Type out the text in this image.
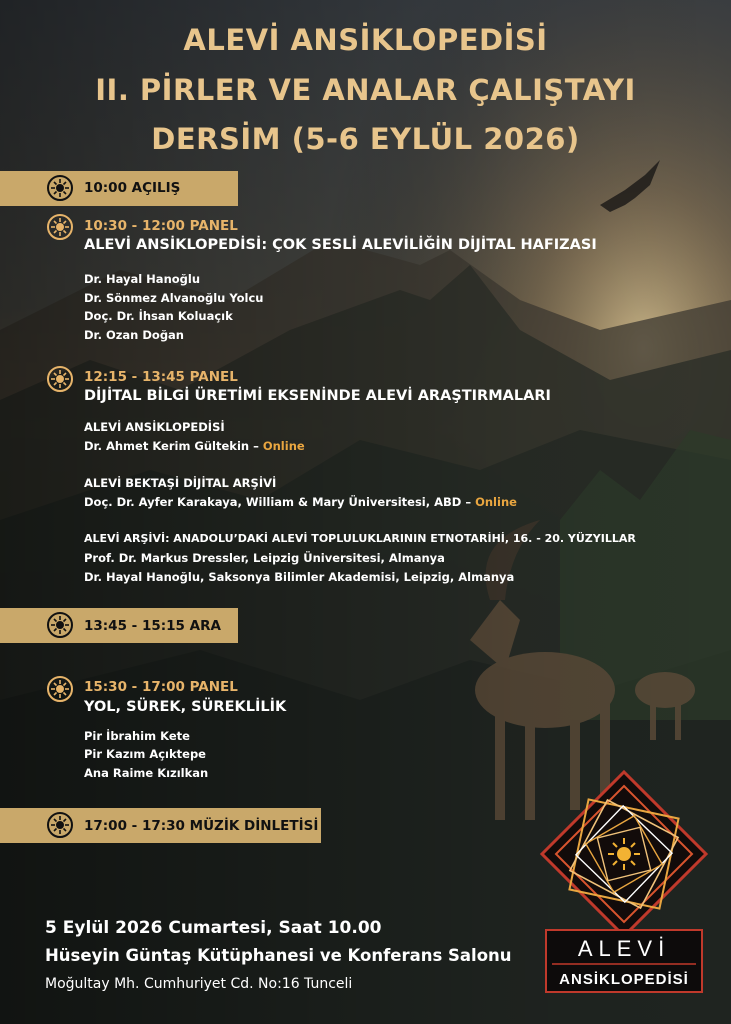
ALEVİ ANSİKLOPEDİSİ
II. PİRLER VE ANALAR ÇALIŞTAYI
DERSİM (5-6 EYLÜL 2026)
10:00 AÇILIŞ
10:30 - 12:00 PANEL
ALEVİ ANSİKLOPEDİSİ: ÇOK SESLİ ALEVİLİĞİN DİJİTAL HAFIZASI
Dr. Hayal Hanoğlu
Dr. Sönmez Alvanoğlu Yolcu
Doç. Dr. İhsan Koluaçık
Dr. Ozan Doğan
12:15 - 13:45 PANEL
DİJİTAL BİLGİ ÜRETİMİ EKSENİNDE ALEVİ ARAŞTIRMALARI
ALEVİ ANSİKLOPEDİSİ
Dr. Ahmet Kerim Gültekin – Online
ALEVİ BEKTAŞİ DİJİTAL ARŞİVİ
Doç. Dr. Ayfer Karakaya, William & Mary Üniversitesi, ABD – Online
ALEVİ ARŞİVİ: ANADOLU’DAKİ ALEVİ TOPLULUKLARININ ETNOTARİHİ, 16. - 20. YÜZYILLAR
Prof. Dr. Markus Dressler, Leipzig Üniversitesi, Almanya
Dr. Hayal Hanoğlu, Saksonya Bilimler Akademisi, Leipzig, Almanya
13:45 - 15:15 ARA
15:30 - 17:00 PANEL
YOL, SÜREK, SÜREKLİLİK
Pir İbrahim Kete
Pir Kazım Açıktepe
Ana Raime Kızılkan
17:00 - 17:30 MÜZİK DİNLETİSİ
5 Eylül 2026 Cumartesi, Saat 10.00
Hüseyin Güntaş Kütüphanesi ve Konferans Salonu
Moğultay Mh. Cumhuriyet Cd. No:16 Tunceli
ALEVİ
ANSİKLOPEDİSİ
